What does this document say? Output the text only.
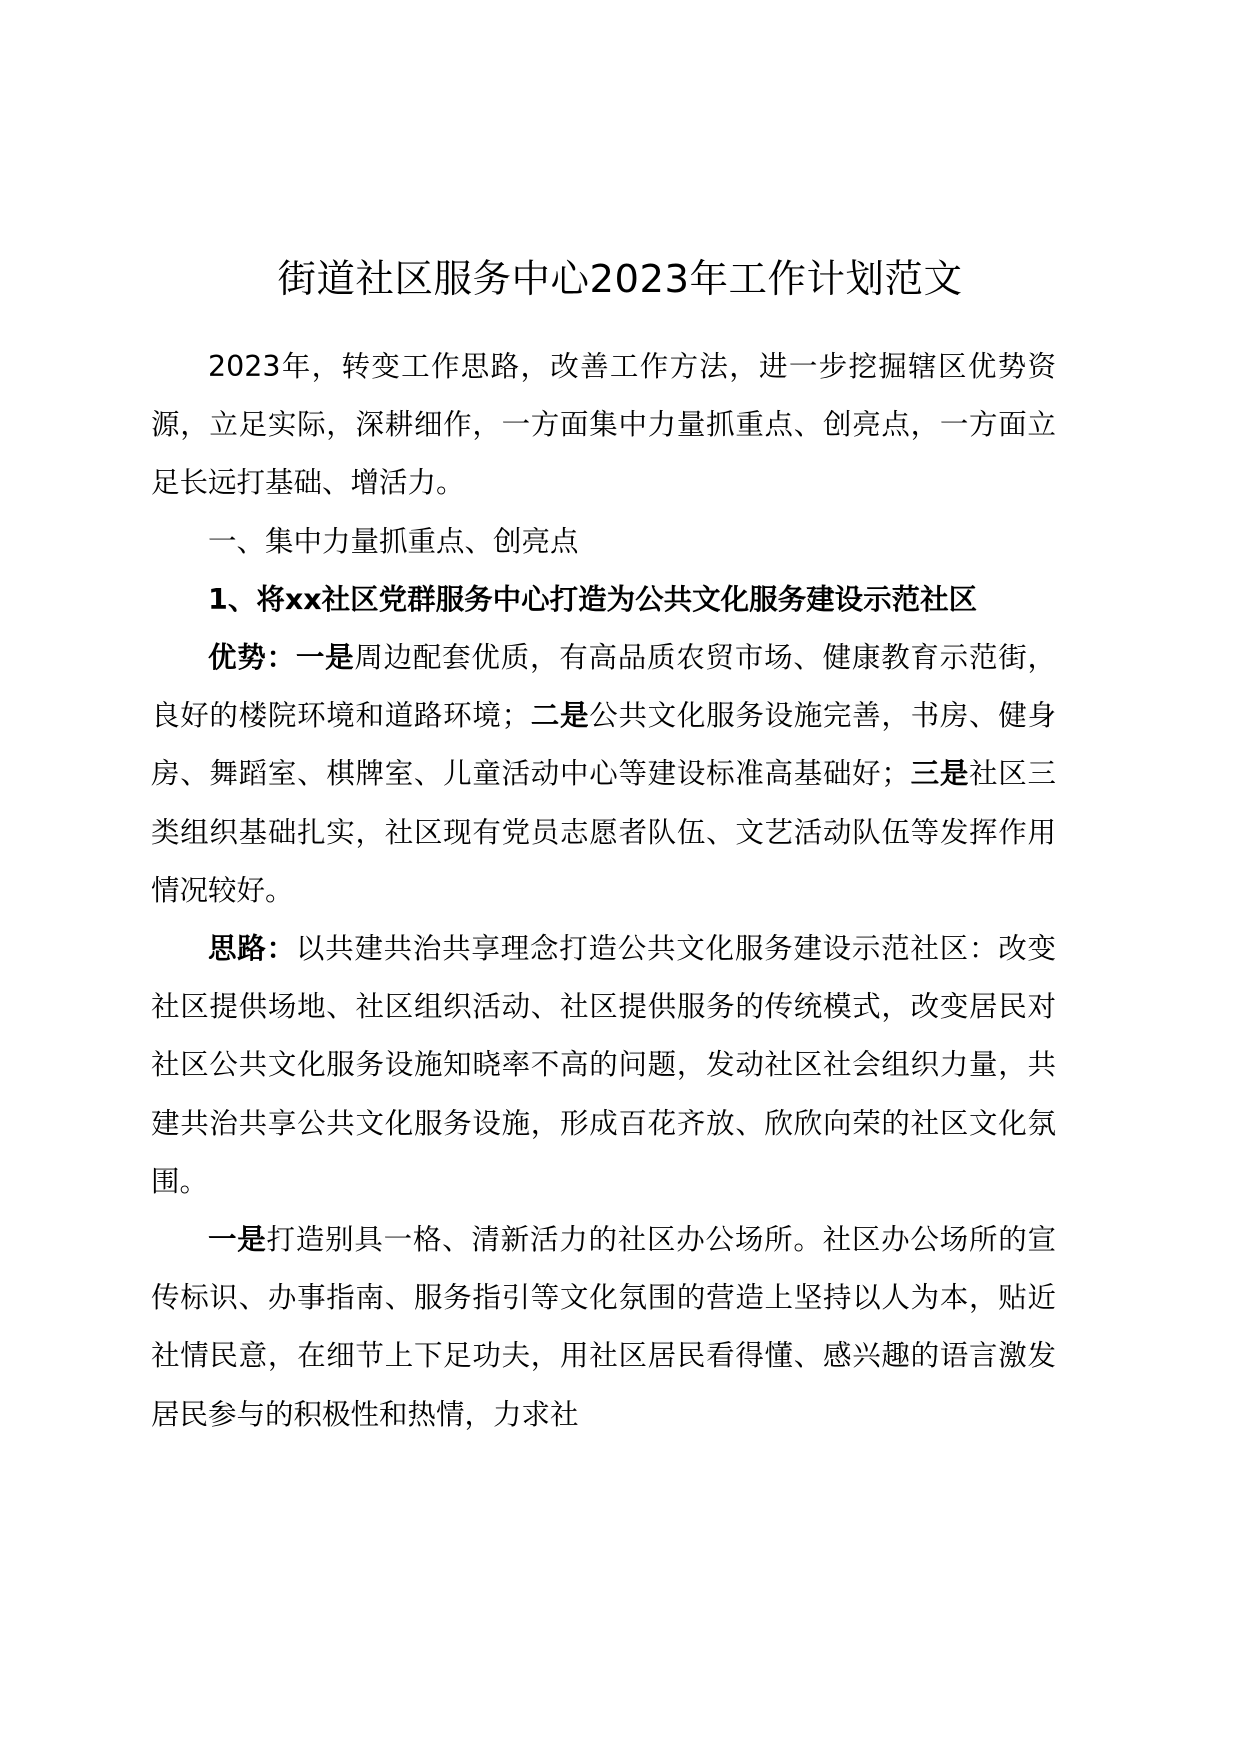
街道社区服务中心2023年工作计划范文

2023年，转变工作思路，改善工作方法，进一步挖掘辖区优势资源，立足实际，深耕细作，一方面集中力量抓重点、创亮点，一方面立足长远打基础、增活力。

一、集中力量抓重点、创亮点

1、将xx社区党群服务中心打造为公共文化服务建设示范社区

优势：一是周边配套优质，有高品质农贸市场、健康教育示范街，良好的楼院环境和道路环境；二是公共文化服务设施完善，书房、健身房、舞蹈室、棋牌室、儿童活动中心等建设标准高基础好；三是社区三类组织基础扎实，社区现有党员志愿者队伍、文艺活动队伍等发挥作用情况较好。

思路：以共建共治共享理念打造公共文化服务建设示范社区：改变社区提供场地、社区组织活动、社区提供服务的传统模式，改变居民对社区公共文化服务设施知晓率不高的问题，发动社区社会组织力量，共建共治共享公共文化服务设施，形成百花齐放、欣欣向荣的社区文化氛围。

一是打造别具一格、清新活力的社区办公场所。社区办公场所的宣传标识、办事指南、服务指引等文化氛围的营造上坚持以人为本，贴近社情民意，在细节上下足功夫，用社区居民看得懂、感兴趣的语言激发居民参与的积极性和热情，力求社
